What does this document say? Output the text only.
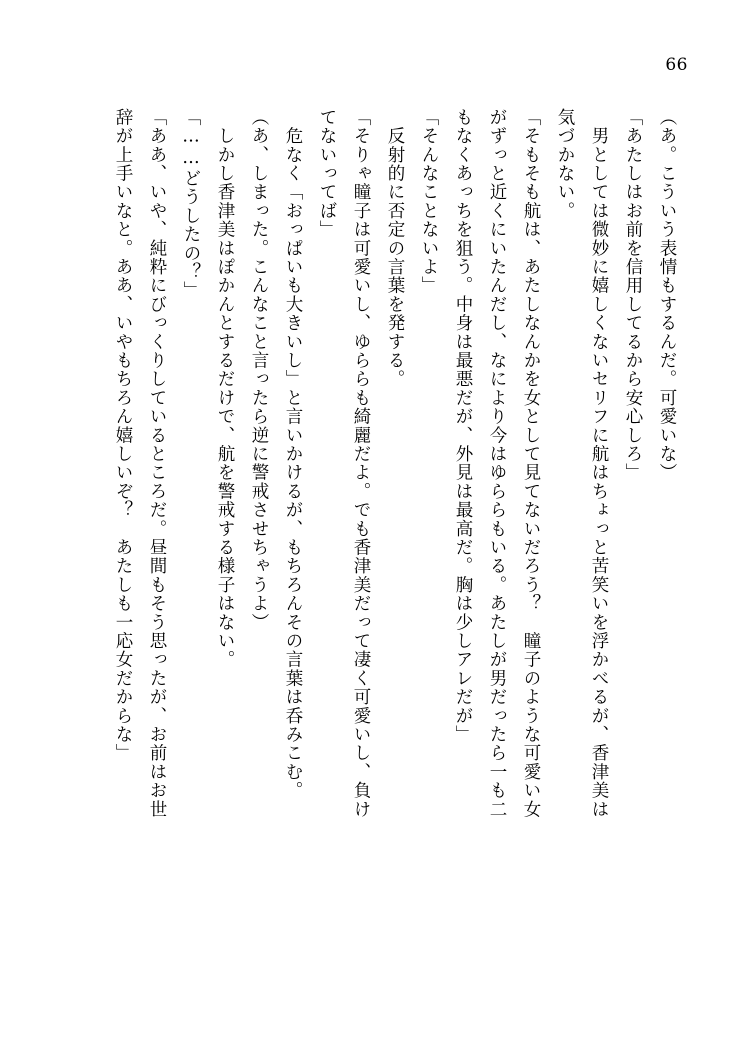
66
（あ。こういう表情もするんだ。可愛いな）
「あたしはお前を信用してるから安心しろ」
　男としては微妙に嬉しくないセリフに航はちょっと苦笑いを浮かべるが、香津美は
気づかない。
「そもそも航は、あたしなんかを女として見てないだろう？　瞳子のような可愛い女
がずっと近くにいたんだし、なにより今はゆららもいる。あたしが男だったら一も二
もなくあっちを狙う。中身は最悪だが、外見は最高だ。胸は少しアレだが」
「そんなことないよ」
　反射的に否定の言葉を発する。
「そりゃ瞳子は可愛いし、ゆららも綺麗だよ。でも香津美だって凄く可愛いし、負け
てないってば」
　危なく「おっぱいも大きいし」と言いかけるが、もちろんその言葉は呑みこむ。
（あ、しまった。こんなこと言ったら逆に警戒させちゃうよ）
　しかし香津美はぽかんとするだけで、航を警戒する様子はない。
「……どうしたの？」
「ああ、いや、純粋にびっくりしているところだ。昼間もそう思ったが、お前はお世
辞が上手いなと。ああ、いやもちろん嬉しいぞ？　あたしも一応女だからな」
